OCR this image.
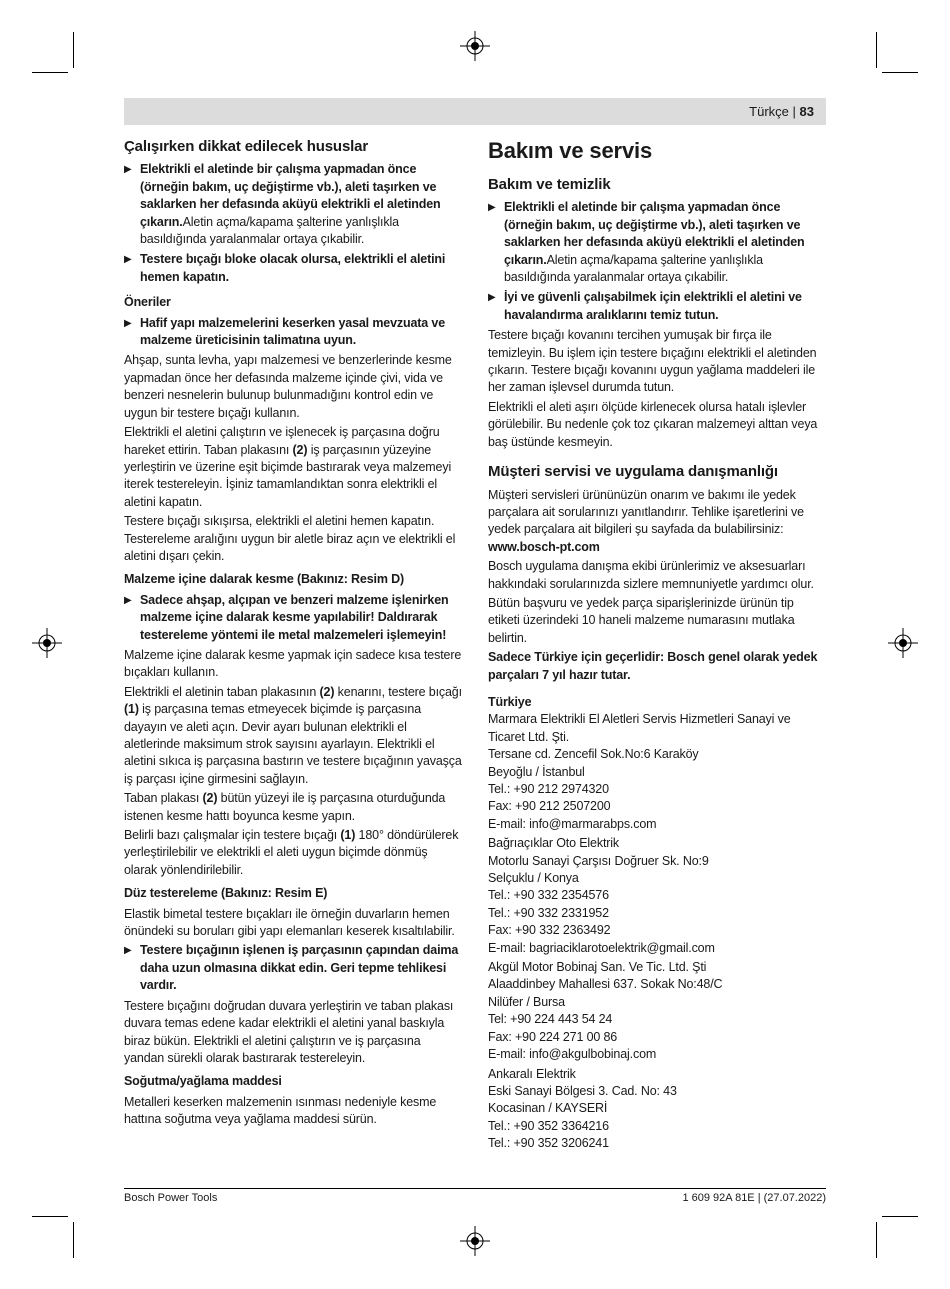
Türkçe | 83
Çalışırken dikkat edilecek hususlar
▶ Elektrikli el aletinde bir çalışma yapmadan önce (örneğin bakım, uç değiştirme vb.), aleti taşırken ve saklarken her defasında aküyü elektrikli el aletinden çıkarın.Aletin açma/kapama şalterine yanlışlıkla basıldığında yaralanmalar ortaya çıkabilir.
▶ Testere bıçağı bloke olacak olursa, elektrikli el aletini hemen kapatın.
Öneriler
▶ Hafif yapı malzemelerini keserken yasal mevzuata ve malzeme üreticisinin talimatına uyun.

Ahşap, sunta levha, yapı malzemesi ve benzerlerinde kesme yapmadan önce her defasında malzeme içinde çivi, vida ve benzeri nesnelerin bulunup bulunmadığını kontrol edin ve uygun bir testere bıçağı kullanın.

Elektrikli el aletini çalıştırın ve işlenecek iş parçasına doğru hareket ettirin. Taban plakasını (2) iş parçasının yüzeyine yerleştirin ve üzerine eşit biçimde bastırarak veya malzemeyi iterek testereleyin. İşiniz tamamlandıktan sonra elektrikli el aletini kapatın.

Testere bıçağı sıkışırsa, elektrikli el aletini hemen kapatın. Testereleme aralığını uygun bir aletle biraz açın ve elektrikli el aletini dışarı çekin.

Malzeme içine dalarak kesme (Bakınız: Resim D)
▶ Sadece ahşap, alçıpan ve benzeri malzeme işlenirken malzeme içine dalarak kesme yapılabilir! Daldırarak testereleme yöntemi ile metal malzemeleri işlemeyin!

Malzeme içine dalarak kesme yapmak için sadece kısa testere bıçakları kullanın.

Elektrikli el aletinin taban plakasının (2) kenarını, testere bıçağı (1) iş parçasına temas etmeyecek biçimde iş parçasına dayayın ve aleti açın. Devir ayarı bulunan elektrikli el aletlerinde maksimum strok sayısını ayarlayın. Elektrikli el aletini sıkıca iş parçasına bastırın ve testere bıçağının yavaşça iş parçası içine girmesini sağlayın.

Taban plakası (2) bütün yüzeyi ile iş parçasına oturduğunda istenen kesme hattı boyunca kesme yapın.

Belirli bazı çalışmalar için testere bıçağı (1) 180° döndürülerek yerleştirilebilir ve elektrikli el aleti uygun biçimde dönmüş olarak yönlendirilebilir.

Düz testereleme (Bakınız: Resim E)

Elastik bimetal testere bıçakları ile örneğin duvarların hemen önündeki su boruları gibi yapı elemanları keserek kısaltılabilir.

▶ Testere bıçağının işlenen iş parçasının çapından daima daha uzun olmasına dikkat edin. Geri tepme tehlikesi vardır.

Testere bıçağını doğrudan duvara yerleştirin ve taban plakası duvara temas edene kadar elektrikli el aletini yanal baskıyla biraz bükün. Elektrikli el aletini çalıştırın ve iş parçasına yandan sürekli olarak bastırarak testereleyin.

Soğutma/yağlama maddesi

Metalleri keserken malzemenin ısınması nedeniyle kesme hattına soğutma veya yağlama maddesi sürün.

Bakım ve servis
Bakım ve temizlik
▶ Elektrikli el aletinde bir çalışma yapmadan önce (örneğin bakım, uç değiştirme vb.), aleti taşırken ve saklarken her defasında aküyü elektrikli el aletinden çıkarın.Aletin açma/kapama şalterine yanlışlıkla basıldığında yaralanmalar ortaya çıkabilir.
▶ İyi ve güvenli çalışabilmek için elektrikli el aletini ve havalandırma aralıklarını temiz tutun.

Testere bıçağı kovanını tercihen yumuşak bir fırça ile temizleyin. Bu işlem için testere bıçağını elektrikli el aletinden çıkarın. Testere bıçağı kovanını uygun yağlama maddeleri ile her zaman işlevsel durumda tutun.

Elektrikli el aleti aşırı ölçüde kirlenecek olursa hatalı işlevler görülebilir. Bu nedenle çok toz çıkaran malzemeyi alttan veya baş üstünde kesmeyin.

Müşteri servisi ve uygulama danışmanlığı

Müşteri servisleri ürününüzün onarım ve bakımı ile yedek parçalara ait sorularınızı yanıtlandırır. Tehlike işaretlerini ve yedek parçalara ait bilgileri şu sayfada da bulabilirsiniz:

www.bosch-pt.com

Bosch uygulama danışma ekibi ürünlerimiz ve aksesuarları hakkındaki sorularınızda sizlere memnuniyetle yardımcı olur.

Bütün başvuru ve yedek parça siparişlerinizde ürünün tip etiketi üzerindeki 10 haneli malzeme numarasını mutlaka belirtin.

Sadece Türkiye için geçerlidir: Bosch genel olarak yedek parçaları 7 yıl hazır tutar.

Türkiye
Marmara Elektrikli El Aletleri Servis Hizmetleri Sanayi ve Ticaret Ltd. Şti.
Tersane cd. Zencefil Sok.No:6 Karaköy
Beyoğlu / İstanbul
Tel.: +90 212 2974320
Fax: +90 212 2507200
E-mail: info@marmarabps.com
Bağrıaçıklar Oto Elektrik
Motorlu Sanayi Çarşısı Doğruer Sk. No:9
Selçuklu / Konya
Tel.: +90 332 2354576
Tel.: +90 332 2331952
Fax: +90 332 2363492
E-mail: bagriaciklarotoelektrik@gmail.com
Akgül Motor Bobinaj San. Ve Tic. Ltd. Şti
Alaaddinbey Mahallesi 637. Sokak No:48/C
Nilüfer / Bursa
Tel: +90 224 443 54 24
Fax: +90 224 271 00 86
E-mail: info@akgulbobinaj.com
Ankaralı Elektrik
Eski Sanayi Bölgesi 3. Cad. No: 43
Kocasinan / KAYSERİ
Tel.: +90 352 3364216
Tel.: +90 352 3206241
Bosch Power Tools	1 609 92A 81E | (27.07.2022)
